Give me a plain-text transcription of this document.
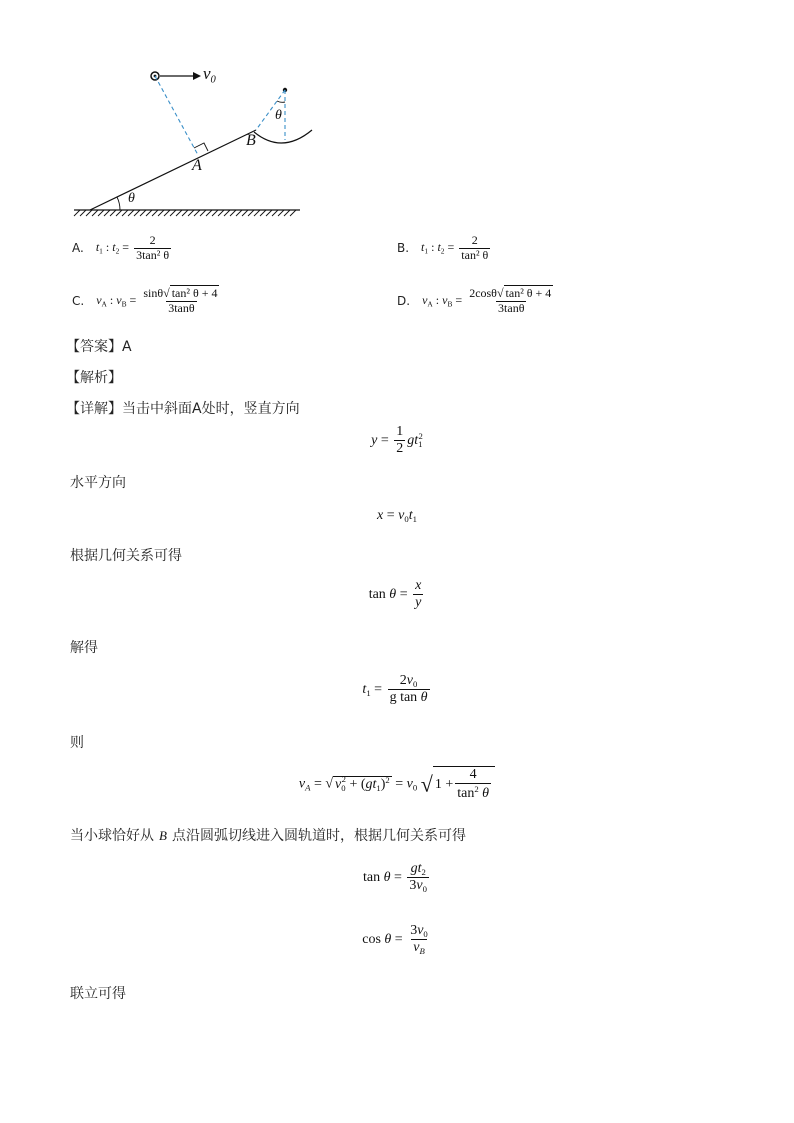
$v_0$
A
B
θ
θ
A. $t_1$ : $t_2 = \frac{2}{\text{3tan² θ}}$	B. $t_1$ : $t_2 = \frac{2}{\text{tan² θ}}$
C. $v_A$ : $v_B = \frac{\text{sinθ√ tan² θ + 4}}{3\tan\theta}$	D. $v_A$ : $v_B = \frac{\text{2cosθ√ tan² θ + 4}}{3\tan\theta}$
【答案】A
【解析】
【详解】当击中斜面A处时，竖直方向
$y = \frac{1}{2} gt_1^2$
水平方向
$x = v_0t_1$
根据几何关系可得
$\tan \theta = \frac{x}{y}$
解得
$t_1 = \frac{2v_0}{\text{g tan θ}}$
则
$v_A$ = √ $v_0^2 + (gt_1)^2 = v_0$ √ $1 + \frac{4}{\tan^2 \theta}$
当小球恰好从 B 点沿圆弧切线进入圆轨道时，根据几何关系可得
$\tan \theta = \frac{gt_2}{3v_0}$
$\cos \theta = \frac{3v_0}{v_B}$
联立可得
